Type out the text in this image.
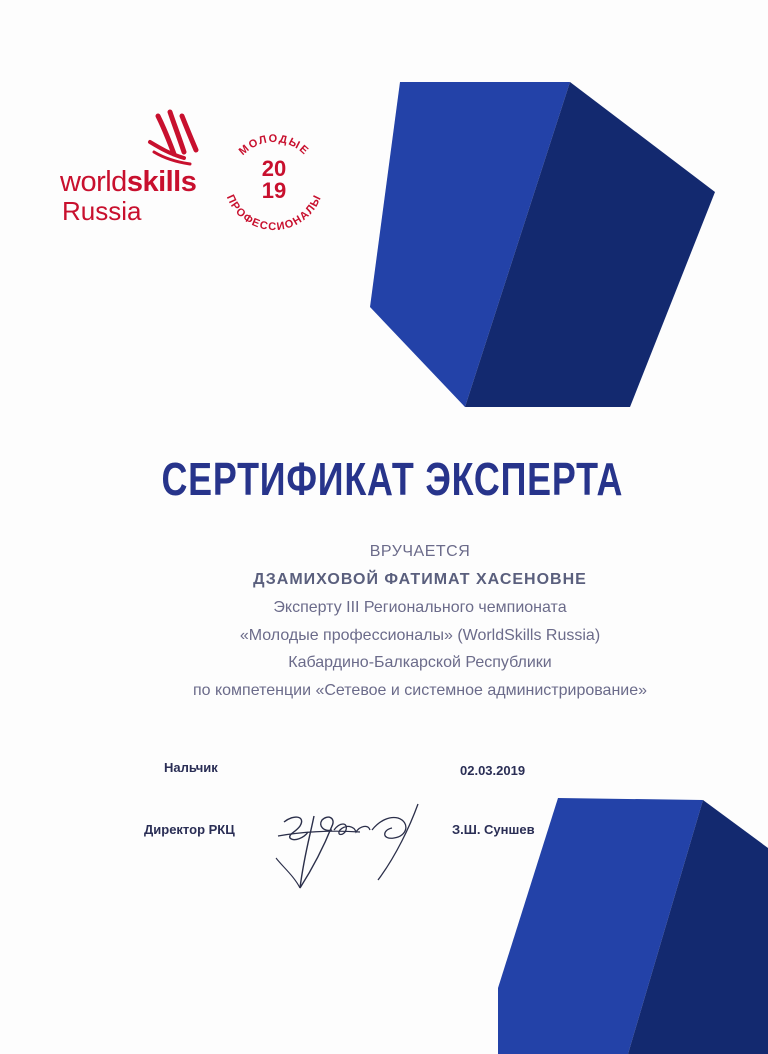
worldskills
Russia
МОЛОДЫЕ
ПРОФЕССИОНАЛЫ
20
19
СЕРТИФИКАТ ЭКСПЕРТА
ВРУЧАЕТСЯ
ДЗАМИХОВОЙ ФАТИМАТ ХАСЕНОВНЕ
Эксперту III Регионального чемпионата
«Молодые профессионалы» (WorldSkills Russia)
Кабардино-Балкарской Республики
по компетенции «Сетевое и системное администрирование»
Нальчик	02.03.2019
Директор РКЦ	З.Ш. Суншев
